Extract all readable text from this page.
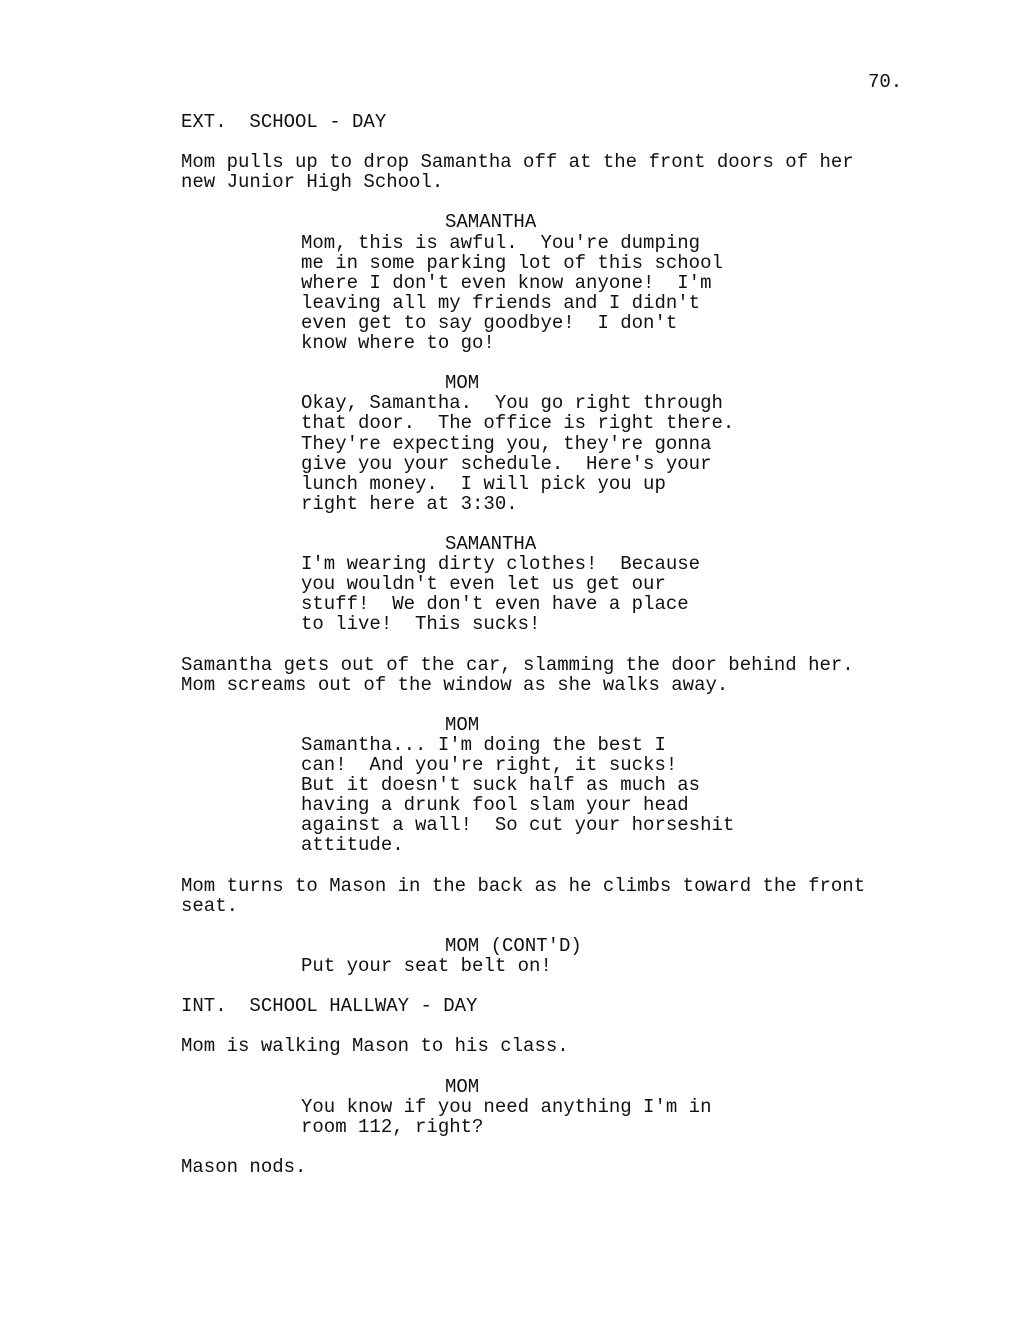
70.

EXT.  SCHOOL - DAY

Mom pulls up to drop Samantha off at the front doors of her
new Junior High School.

SAMANTHA

Mom, this is awful.  You're dumping
me in some parking lot of this school
where I don't even know anyone!  I'm
leaving all my friends and I didn't
even get to say goodbye!  I don't
know where to go!

MOM

Okay, Samantha.  You go right through
that door.  The office is right there.
They're expecting you, they're gonna
give you your schedule.  Here's your
lunch money.  I will pick you up
right here at 3:30.

SAMANTHA

I'm wearing dirty clothes!  Because
you wouldn't even let us get our
stuff!  We don't even have a place
to live!  This sucks!

Samantha gets out of the car, slamming the door behind her.
Mom screams out of the window as she walks away.

MOM

Samantha... I'm doing the best I
can!  And you're right, it sucks!
But it doesn't suck half as much as
having a drunk fool slam your head
against a wall!  So cut your horseshit
attitude.

Mom turns to Mason in the back as he climbs toward the front
seat.

MOM (CONT'D)

Put your seat belt on!

INT.  SCHOOL HALLWAY - DAY

Mom is walking Mason to his class.

MOM

You know if you need anything I'm in
room 112, right?

Mason nods.
